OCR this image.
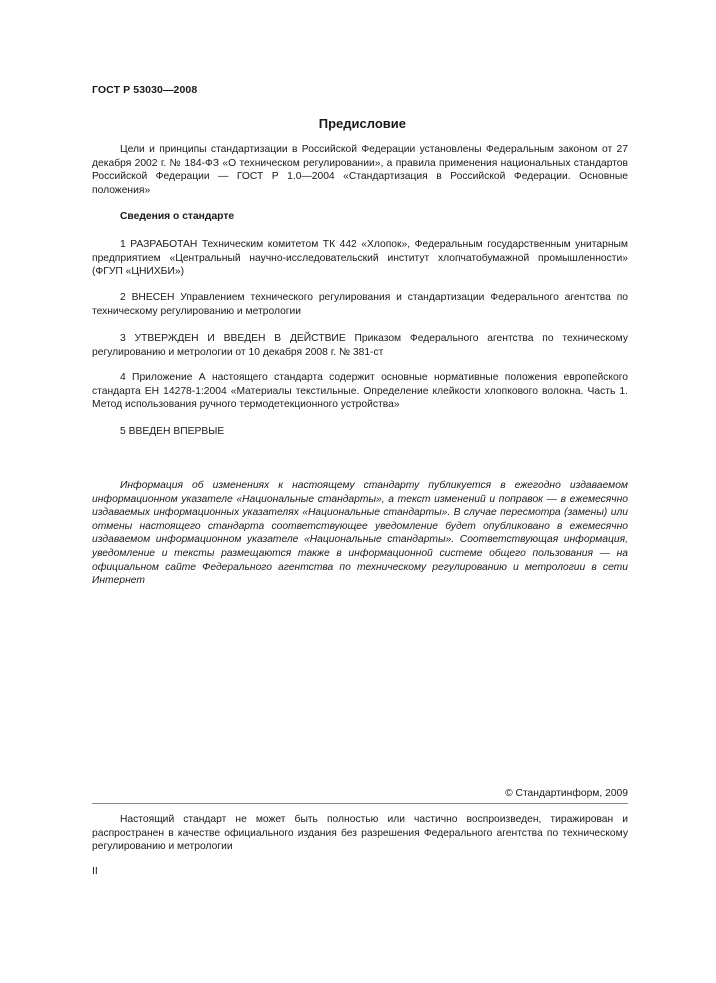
ГОСТ Р 53030—2008
Предисловие

Цели и принципы стандартизации в Российской Федерации установлены Федеральным законом от 27 декабря 2002 г. № 184-ФЗ «О техническом регулировании», а правила применения национальных стандартов Российской Федерации — ГОСТ Р 1.0—2004 «Стандартизация в Российской Федерации. Основные положения»

Сведения о стандарте

1 РАЗРАБОТАН Техническим комитетом ТК 442 «Хлопок», Федеральным государственным унитарным предприятием «Центральный научно-исследовательский институт хлопчатобумажной промышленности» (ФГУП «ЦНИХБИ»)

2 ВНЕСЕН Управлением технического регулирования и стандартизации Федерального агентства по техническому регулированию и метрологии

3 УТВЕРЖДЕН И ВВЕДЕН В ДЕЙСТВИЕ Приказом Федерального агентства по техническому регулированию и метрологии от 10 декабря 2008 г. № 381-ст

4 Приложение А настоящего стандарта содержит основные нормативные положения европейского стандарта ЕН 14278-1:2004 «Материалы текстильные. Определение клейкости хлопкового волокна. Часть 1. Метод использования ручного термодетекционного устройства»

5 ВВЕДЕН ВПЕРВЫЕ

Информация об изменениях к настоящему стандарту публикуется в ежегодно издаваемом информационном указателе «Национальные стандарты», а текст изменений и поправок — в ежемесячно издаваемых информационных указателях «Национальные стандарты». В случае пересмотра (замены) или отмены настоящего стандарта соответствующее уведомление будет опубликовано в ежемесячно издаваемом информационном указателе «Национальные стандарты». Соответствующая информация, уведомление и тексты размещаются также в информационной системе общего пользования — на официальном сайте Федерального агентства по техническому регулированию и метрологии в сети Интернет

© Стандартинформ, 2009

Настоящий стандарт не может быть полностью или частично воспроизведен, тиражирован и распространен в качестве официального издания без разрешения Федерального агентства по техническому регулированию и метрологии

II
